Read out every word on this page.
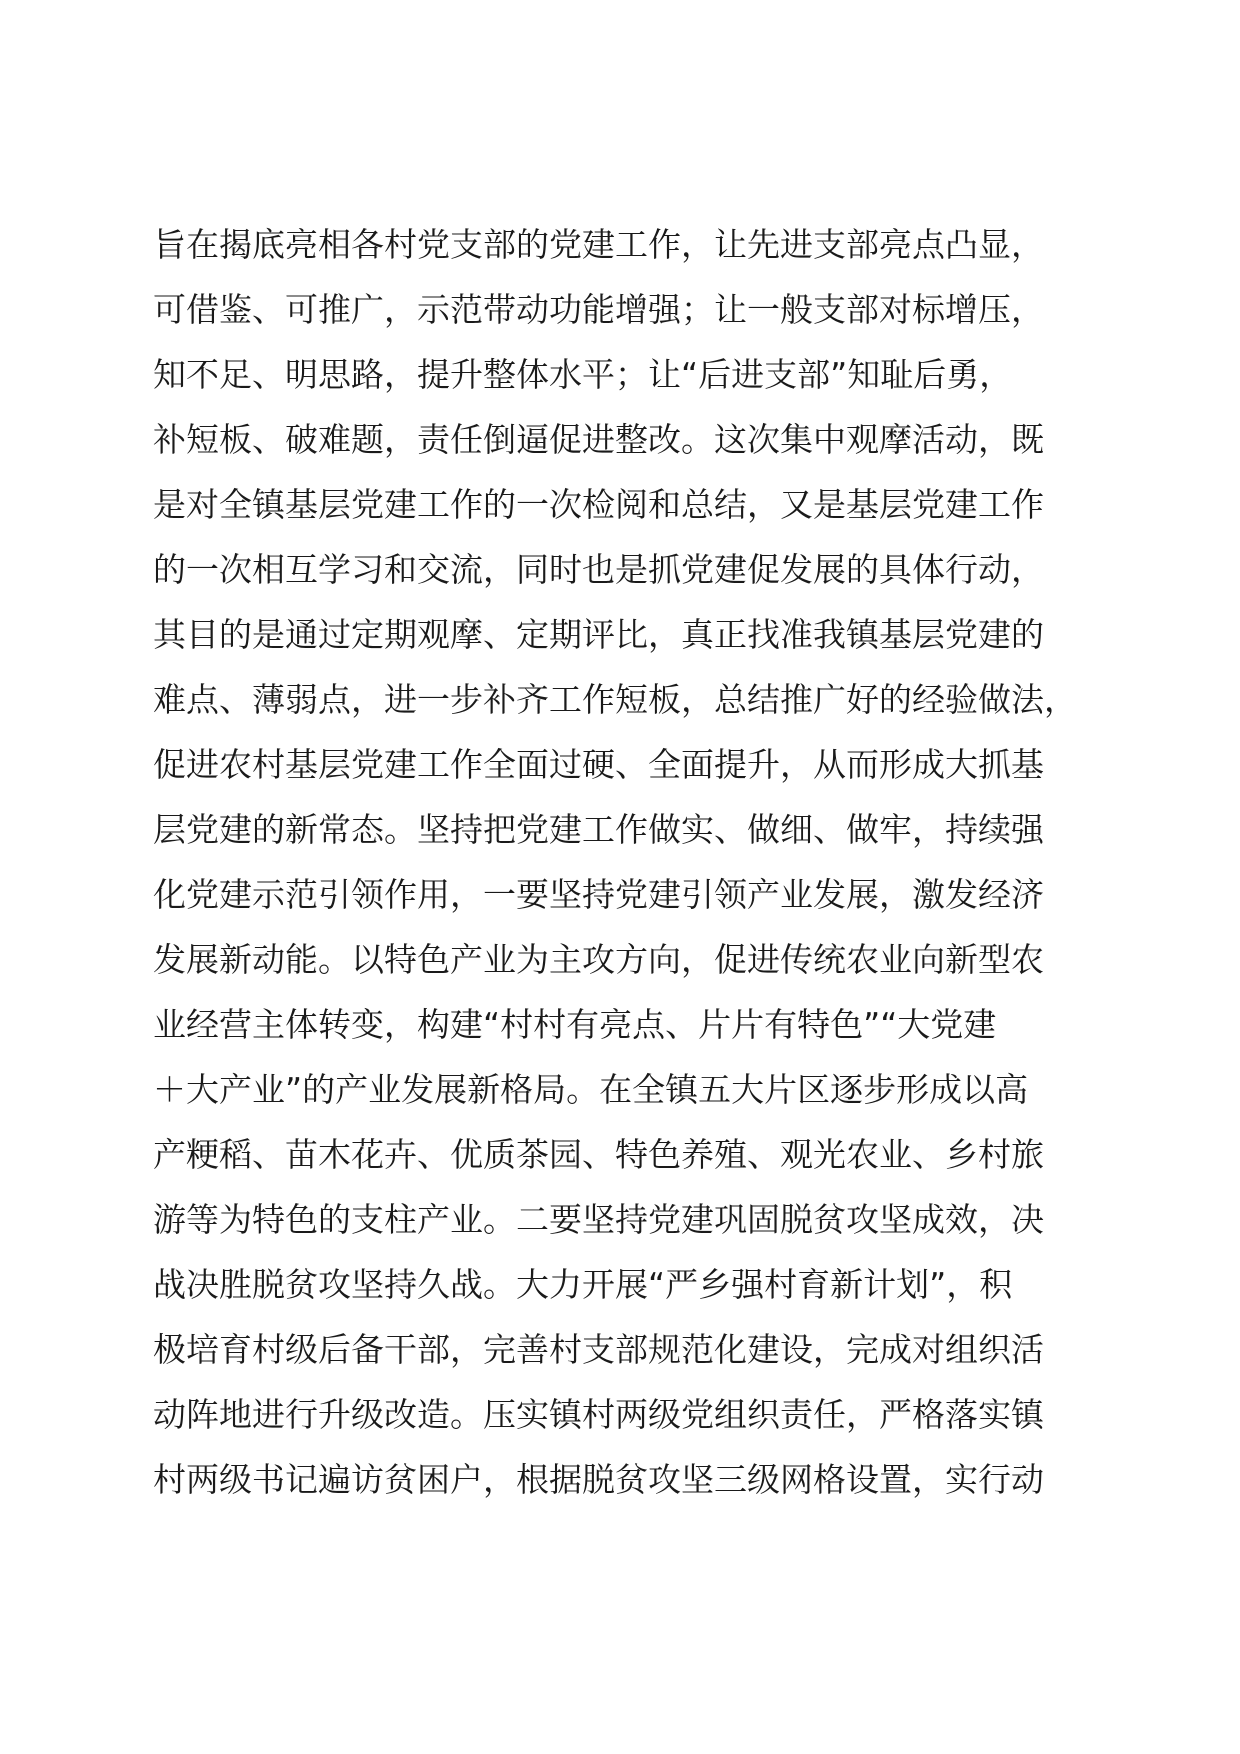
旨在揭底亮相各村党支部的党建工作，让先进支部亮点凸显，
可借鉴、可推广，示范带动功能增强；让一般支部对标增压，
知不足、明思路，提升整体水平；让“后进支部”知耻后勇，
补短板、破难题，责任倒逼促进整改。这次集中观摩活动，既
是对全镇基层党建工作的一次检阅和总结，又是基层党建工作
的一次相互学习和交流，同时也是抓党建促发展的具体行动，
其目的是通过定期观摩、定期评比，真正找准我镇基层党建的
难点、薄弱点，进一步补齐工作短板，总结推广好的经验做法，
促进农村基层党建工作全面过硬、全面提升，从而形成大抓基
层党建的新常态。坚持把党建工作做实、做细、做牢，持续强
化党建示范引领作用，一要坚持党建引领产业发展，激发经济
发展新动能。以特色产业为主攻方向，促进传统农业向新型农
业经营主体转变，构建“村村有亮点、片片有特色”“大党建
＋大产业”的产业发展新格局。在全镇五大片区逐步形成以高
产粳稻、苗木花卉、优质茶园、特色养殖、观光农业、乡村旅
游等为特色的支柱产业。二要坚持党建巩固脱贫攻坚成效，决
战决胜脱贫攻坚持久战。大力开展“严乡强村育新计划”，积
极培育村级后备干部，完善村支部规范化建设，完成对组织活
动阵地进行升级改造。压实镇村两级党组织责任，严格落实镇
村两级书记遍访贫困户，根据脱贫攻坚三级网格设置，实行动
